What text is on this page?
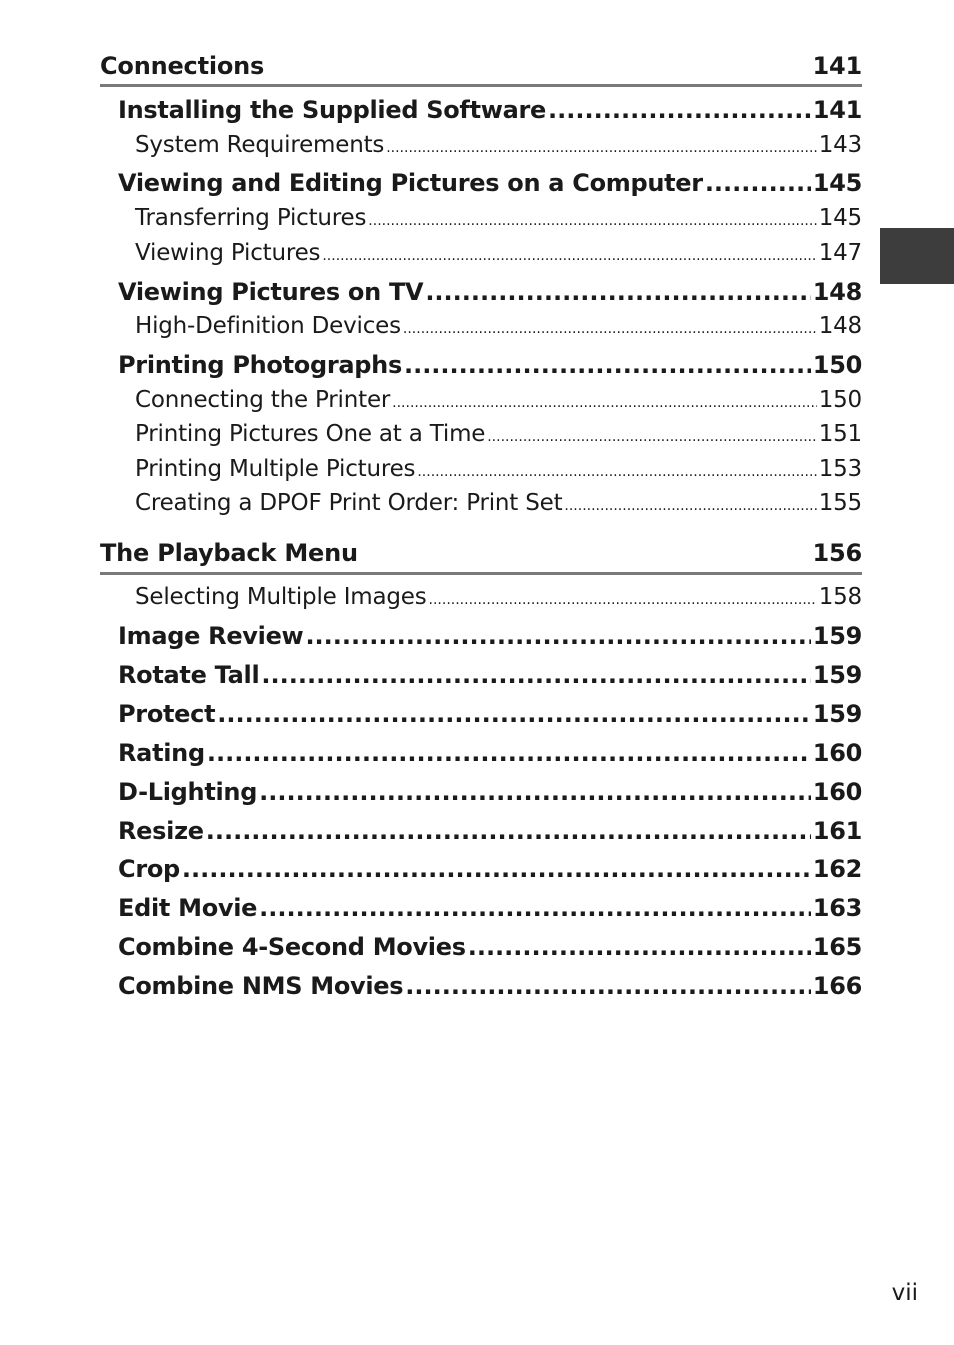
Connections	141
Installing the Supplied Software .....	141
System Requirements .....	143
Viewing and Editing Pictures on a Computer .....	145
Transferring Pictures .....	145
Viewing Pictures .....	147
Viewing Pictures on TV .....	148
High-Definition Devices .....	148
Printing Photographs .....	150
Connecting the Printer .....	150
Printing Pictures One at a Time .....	151
Printing Multiple Pictures .....	153
Creating a DPOF Print Order: Print Set .....	155
The Playback Menu	156
Selecting Multiple Images .....	158
Image Review .....	159
Rotate Tall .....	159
Protect .....	159
Rating .....	160
D-Lighting .....	160
Resize .....	161
Crop .....	162
Edit Movie .....	163
Combine 4-Second Movies .....	165
Combine NMS Movies .....	166
vii
